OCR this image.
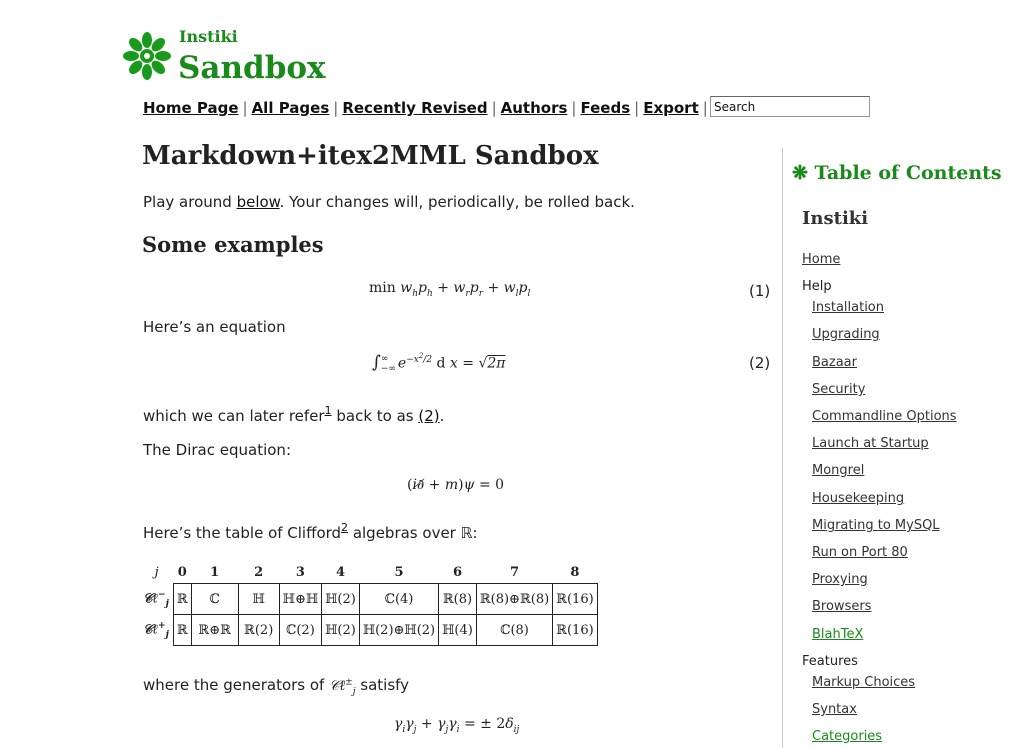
Instiki
Sandbox
Home Page | All Pages | Recently Revised | Authors | Feeds | Export |
Search
Markdown+itex2MML Sandbox
Play around below. Your changes will, periodically, be rolled back.
Some examples
$\min w_hp_h + w_rp_r + w_lp_l$	(1)
Here’s an equation
∫ ∞
−∞ $e^{-x^2/2}$ d x = √2π	(2)
which we can later refer$^1$ back to as (2).
The Dirac equation:
(i∂̸ + m)ψ = 0
Here’s the table of Clifford$^2$ algebras over ℝ:
j	0	1	2	3	4	5	6	7	8
𝒞ℓ−$_j$	ℝ	ℂ	ℍ	ℍ⊕ℍ	ℍ(2)	ℂ(4)	ℝ(8)	ℝ(8)⊕ℝ(8)	ℝ(16)
𝒞ℓ+$_j$	ℝ	ℝ⊕ℝ	ℝ(2)	ℂ(2)	ℍ(2)	ℍ(2)⊕ℍ(2)	ℍ(4)	ℂ(8)	ℝ(16)
where the generators of 𝒞ℓ±$_j$ satisfy
$\gamma_i\gamma_j + \gamma_j\gamma_i$ = ± $2\delta_{ij}$
❋ Table of Contents
Instiki
Home
Help
Installation
Upgrading
Bazaar
Security
Commandline Options
Launch at Startup
Mongrel
Housekeeping
Migrating to MySQL
Run on Port 80
Proxying
Browsers
BlahTeX
Features
Markup Choices
Syntax
Categories
